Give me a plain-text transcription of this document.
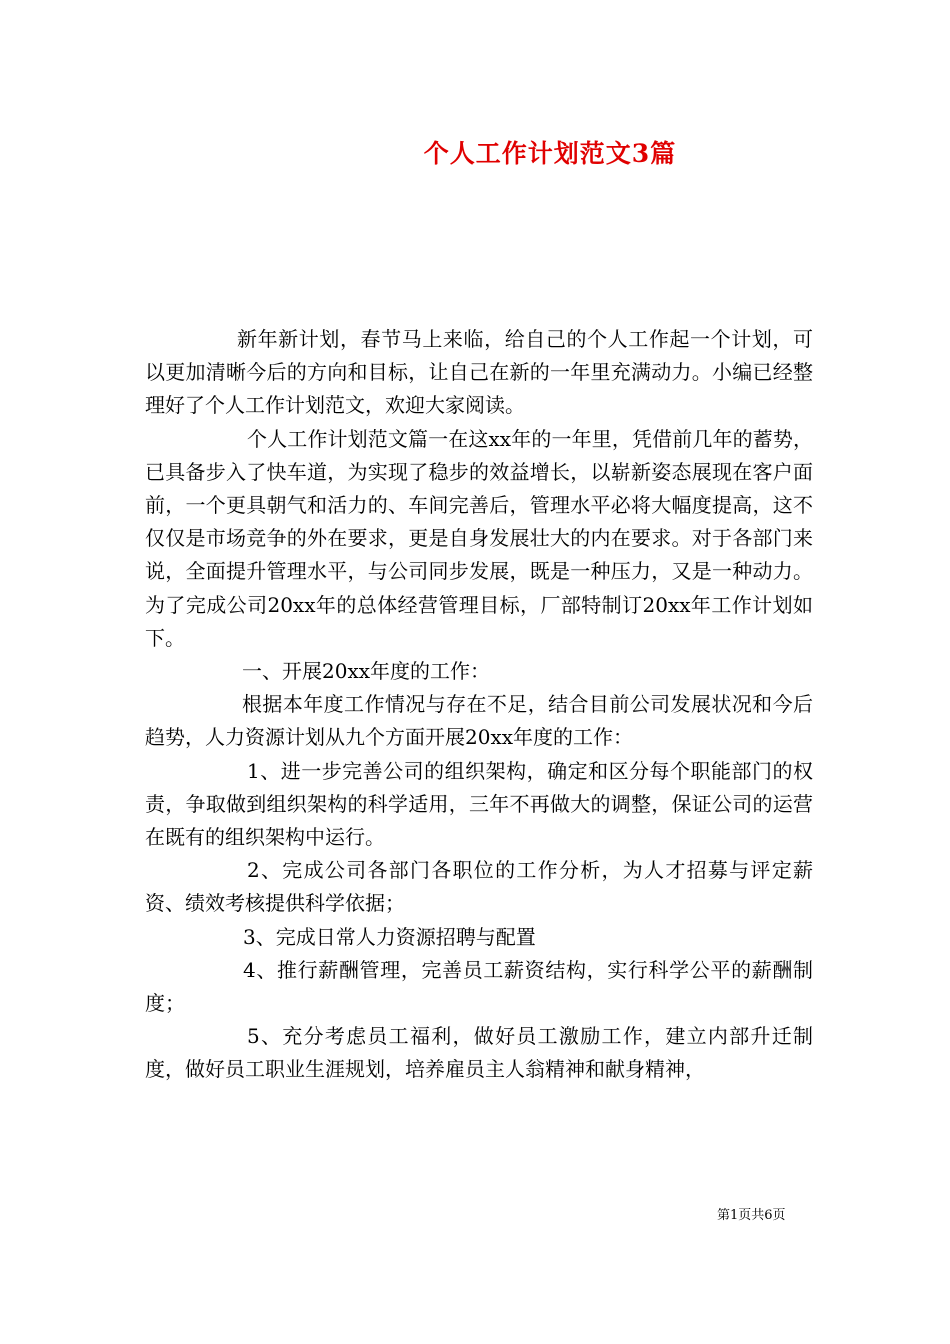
个人工作计划范文3篇

新年新计划，春节马上来临，给自己的个人工作起一个计划，可以更加清晰今后的方向和目标，让自己在新的一年里充满动力。小编已经整理好了个人工作计划范文，欢迎大家阅读。

个人工作计划范文篇一在这xx年的一年里，凭借前几年的蓄势，已具备步入了快车道，为实现了稳步的效益增长，以崭新姿态展现在客户面前，一个更具朝气和活力的、车间完善后，管理水平必将大幅度提高，这不仅仅是市场竞争的外在要求，更是自身发展壮大的内在要求。对于各部门来说，全面提升管理水平，与公司同步发展，既是一种压力，又是一种动力。为了完成公司20xx年的总体经营管理目标，厂部特制订20xx年工作计划如下。

一、开展20xx年度的工作：

根据本年度工作情况与存在不足，结合目前公司发展状况和今后趋势，人力资源计划从九个方面开展20xx年度的工作：

1、进一步完善公司的组织架构，确定和区分每个职能部门的权责，争取做到组织架构的科学适用，三年不再做大的调整，保证公司的运营在既有的组织架构中运行。

2、完成公司各部门各职位的工作分析，为人才招募与评定薪资、绩效考核提供科学依据；

3、完成日常人力资源招聘与配置

4、推行薪酬管理，完善员工薪资结构，实行科学公平的薪酬制度；

5、充分考虑员工福利，做好员工激励工作，建立内部升迁制度，做好员工职业生涯规划，培养雇员主人翁精神和献身精神，

第1页共6页
